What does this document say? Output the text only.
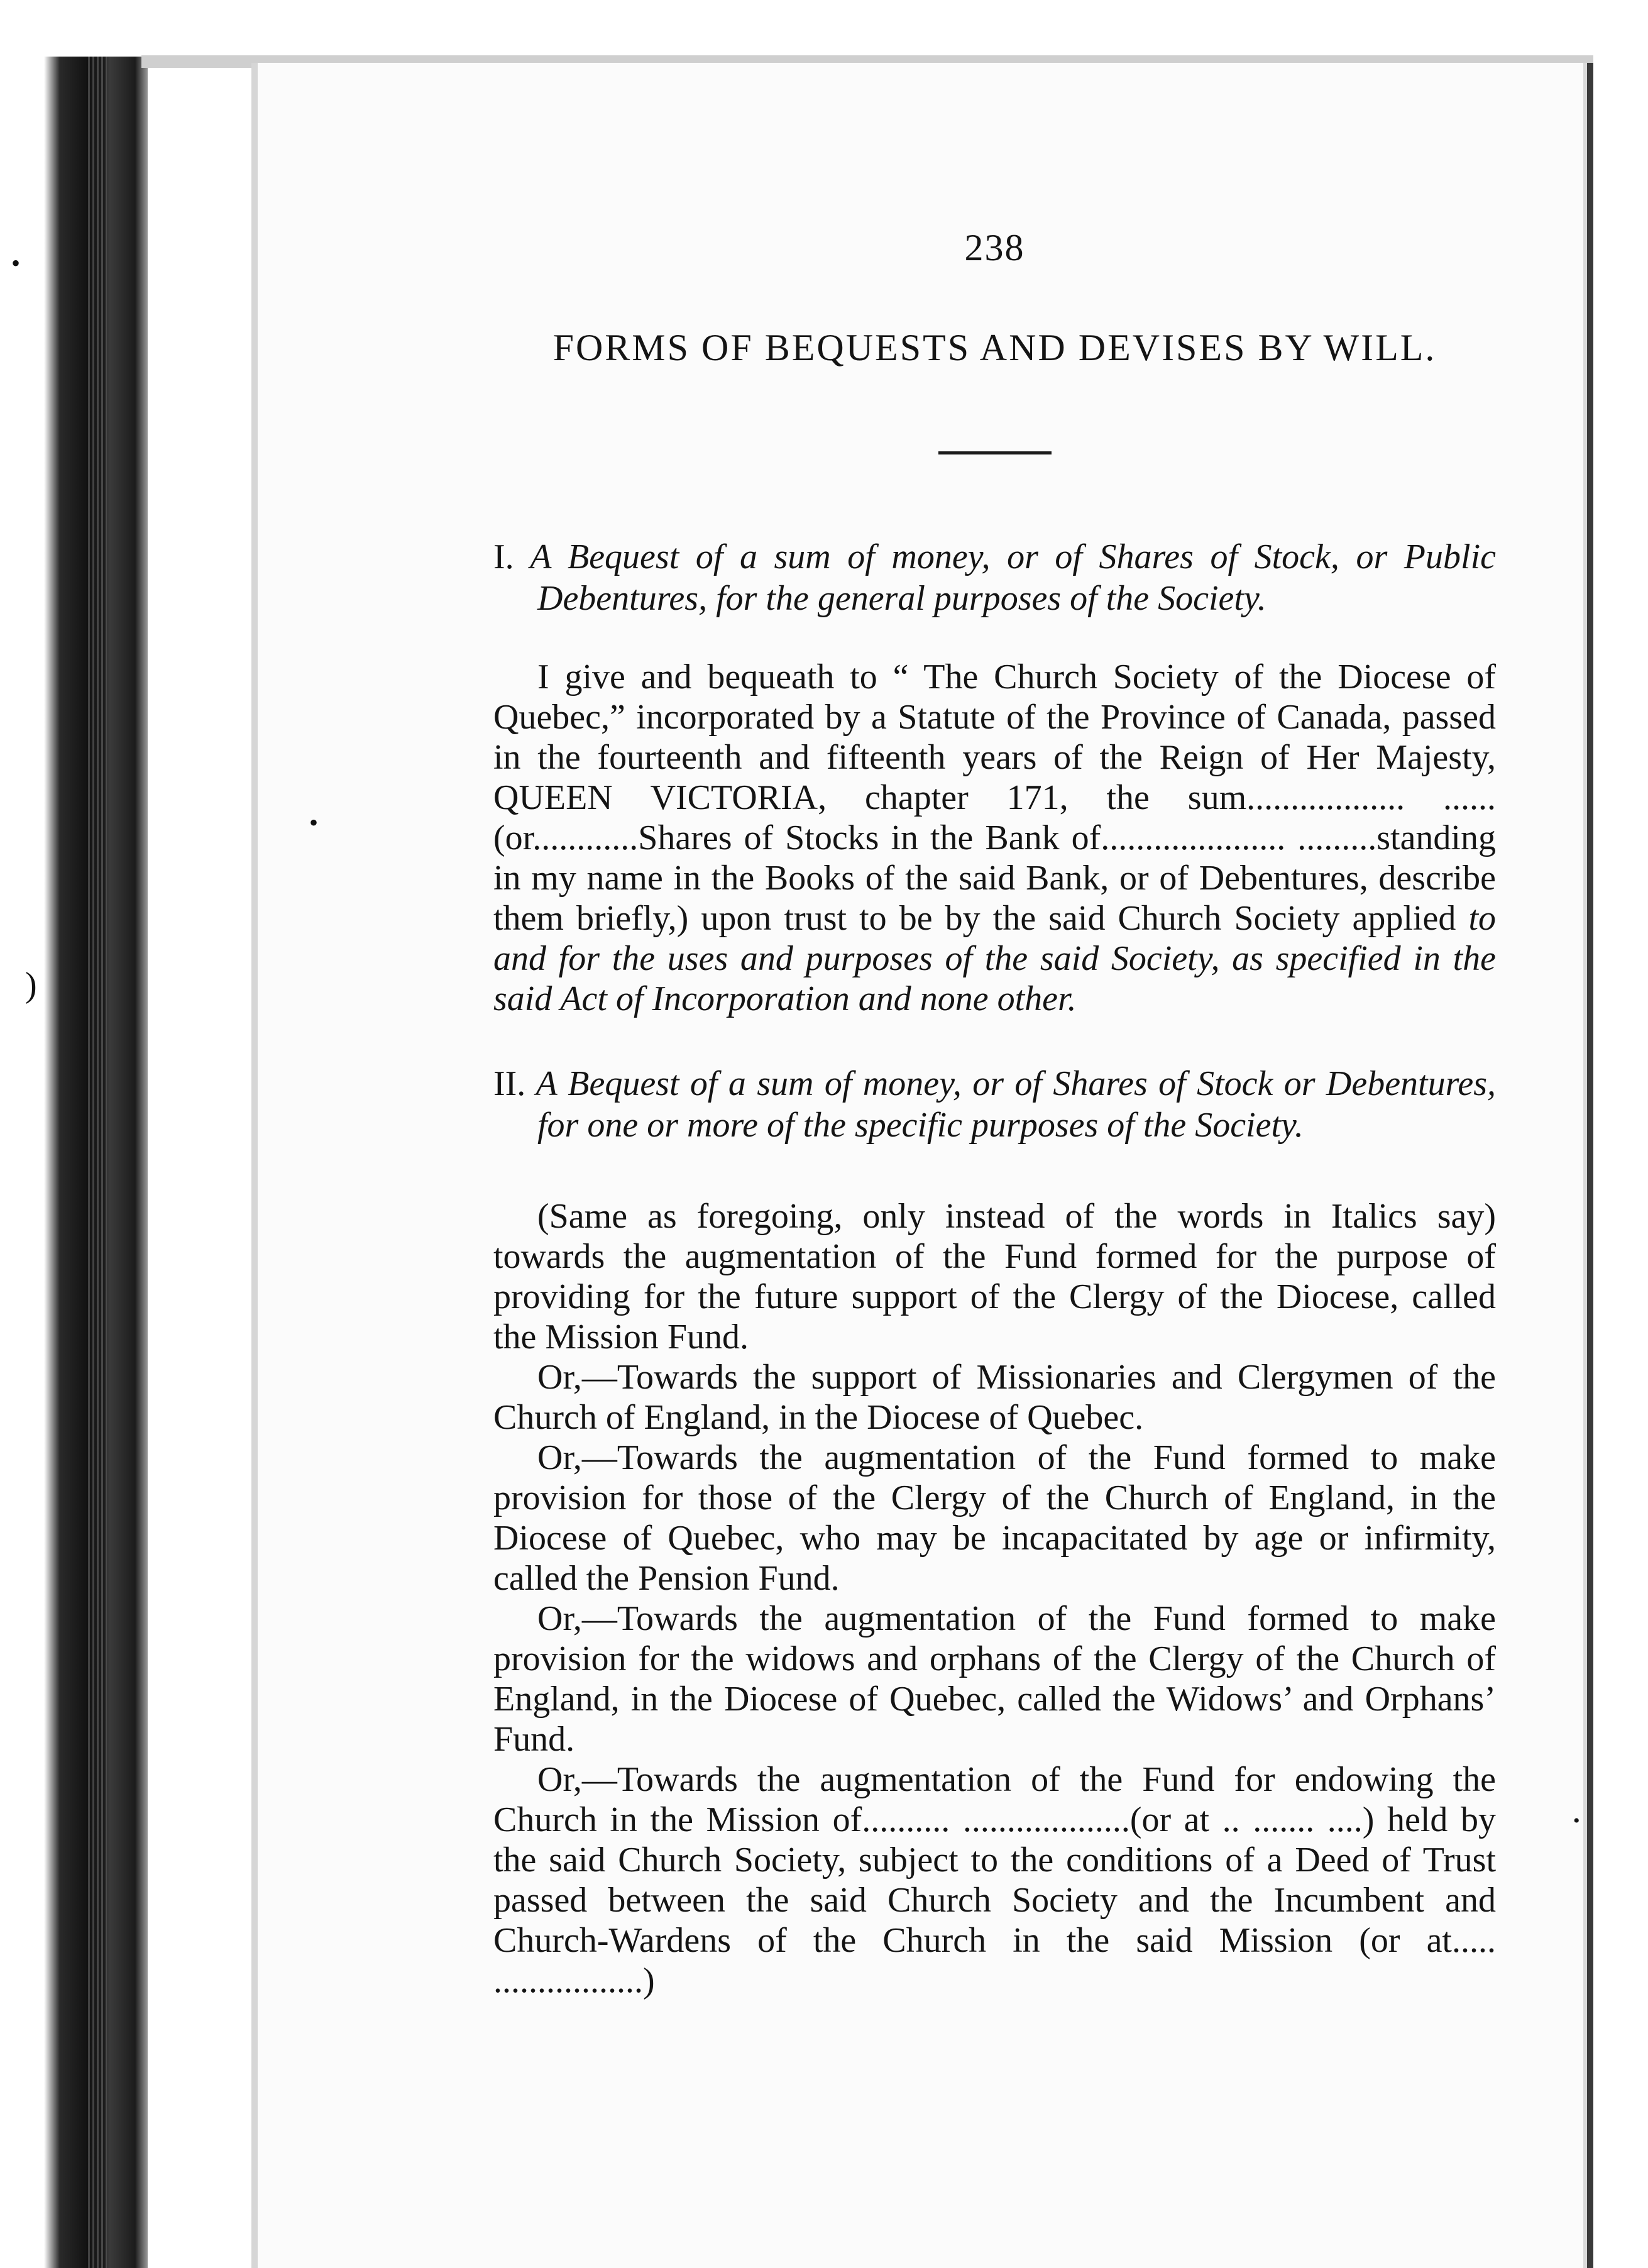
•
)
•
•

238

FORMS OF BEQUESTS AND DEVISES BY WILL.

I. A Bequest of a sum of money, or of Shares of Stock, or Public Debentures, for the general purposes of the Society.

I give and bequeath to “ The Church Society of the Diocese of Quebec,” incorporated by a Statute of the Province of Canada, passed in the fourteenth and fifteenth years of the Reign of Her Majesty, QUEEN VICTORIA, chapter 171, the sum.................. ...... (or............Shares of Stocks in the Bank of..................... .........standing in my name in the Books of the said Bank, or of Debentures, describe them briefly,) upon trust to be by the said Church Society applied to and for the uses and purposes of the said Society, as specified in the said Act of Incorporation and none other.

II. A Bequest of a sum of money, or of Shares of Stock or Debentures, for one or more of the specific purposes of the Society.

(Same as foregoing, only instead of the words in Italics say) towards the augmentation of the Fund formed for the purpose of providing for the future support of the Clergy of the Diocese, called the Mission Fund.

Or,—Towards the support of Missionaries and Clergymen of the Church of England, in the Diocese of Quebec.

Or,—Towards the augmentation of the Fund formed to make provision for those of the Clergy of the Church of England, in the Diocese of Quebec, who may be incapacitated by age or infirmity, called the Pension Fund.

Or,—Towards the augmentation of the Fund formed to make provision for the widows and orphans of the Clergy of the Church of England, in the Diocese of Quebec, called the Widows’ and Orphans’ Fund.

Or,—Towards the augmentation of the Fund for endowing the Church in the Mission of.......... ...................(or at .. ....... ....) held by the said Church Society, subject to the conditions of a Deed of Trust passed between the said Church Society and the Incumbent and Church-Wardens of the Church in the said Mission (or at..... .................)
